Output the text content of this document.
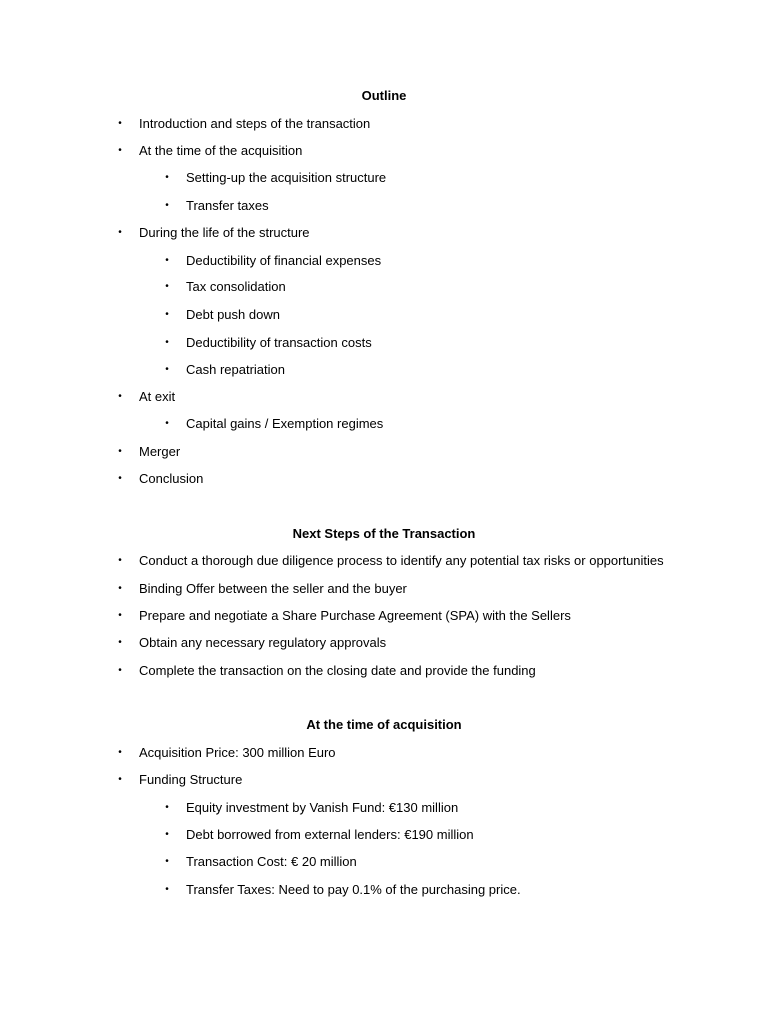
Outline
• Introduction and steps of the transaction
• At the time of the acquisition
• Setting-up the acquisition structure
• Transfer taxes
• During the life of the structure
• Deductibility of financial expenses
• Tax consolidation
• Debt push down
• Deductibility of transaction costs
• Cash repatriation
• At exit
• Capital gains / Exemption regimes
• Merger
• Conclusion
Next Steps of the Transaction
• Conduct a thorough due diligence process to identify any potential tax risks or opportunities
• Binding Offer between the seller and the buyer
• Prepare and negotiate a Share Purchase Agreement (SPA) with the Sellers
• Obtain any necessary regulatory approvals
• Complete the transaction on the closing date and provide the funding
At the time of acquisition
• Acquisition Price: 300 million Euro
• Funding Structure
• Equity investment by Vanish Fund: €130 million
• Debt borrowed from external lenders: €190 million
• Transaction Cost: € 20 million
• Transfer Taxes: Need to pay 0.1% of the purchasing price.
